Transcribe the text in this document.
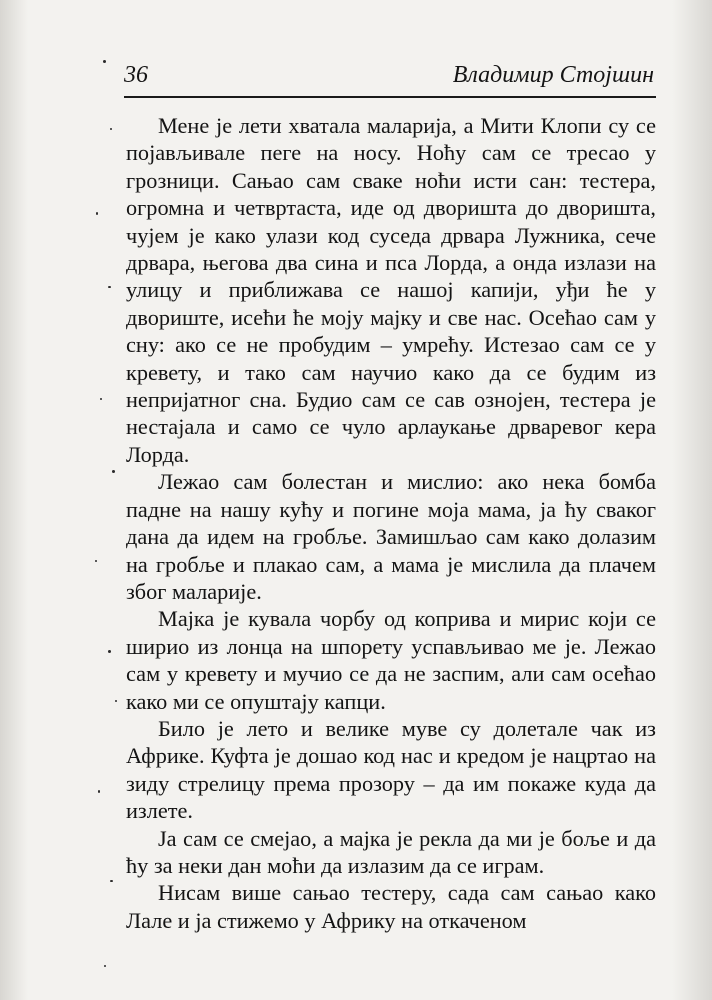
36	Владимир Стојшин

Мене је лети хватала маларија, а Мити Клопи су се појављивале пеге на носу. Ноћу сам се тресао у грозници. Сањао сам сваке ноћи исти сан: тестера, огромна и четвртаста, иде од дворишта до дворишта, чујем је како улази код суседа дрвара Лужника, сече дрвара, његова два сина и пса Лорда, а онда излази на улицу и приближава се нашој капији, уђи ће у двориште, исећи ће моју мајку и све нас. Осећао сам у сну: ако се не пробудим – умрећу. Истезао сам се у кревету, и тако сам научио како да се будим из непријатног сна. Будио сам се сав ознојен, тестера је нестајала и само се чуло арлаукање дрваревог кера Лорда.

Лежао сам болестан и мислио: ако нека бомба падне на нашу кућу и погине моја мама, ја ћу сваког дана да идем на гробље. Замишљао сам како долазим на гробље и плакао сам, а мама је мислила да плачем због маларије.

Мајка је кувала чорбу од коприва и мирис који се ширио из лонца на шпорету успављивао ме је. Лежао сам у кревету и мучио се да не заспим, али сам осећао како ми се опуштају капци.

Било је лето и велике муве су долетале чак из Африке. Куфта је дошао код нас и кредом је нацртао на зиду стрелицу према прозору – да им покаже куда да излете.

Ја сам се смејао, а мајка је рекла да ми је боље и да ћу за неки дан моћи да излазим да се играм.

Нисам више сањао тестеру, сада сам сањао како Лале и ја стижемо у Африку на откаченом
